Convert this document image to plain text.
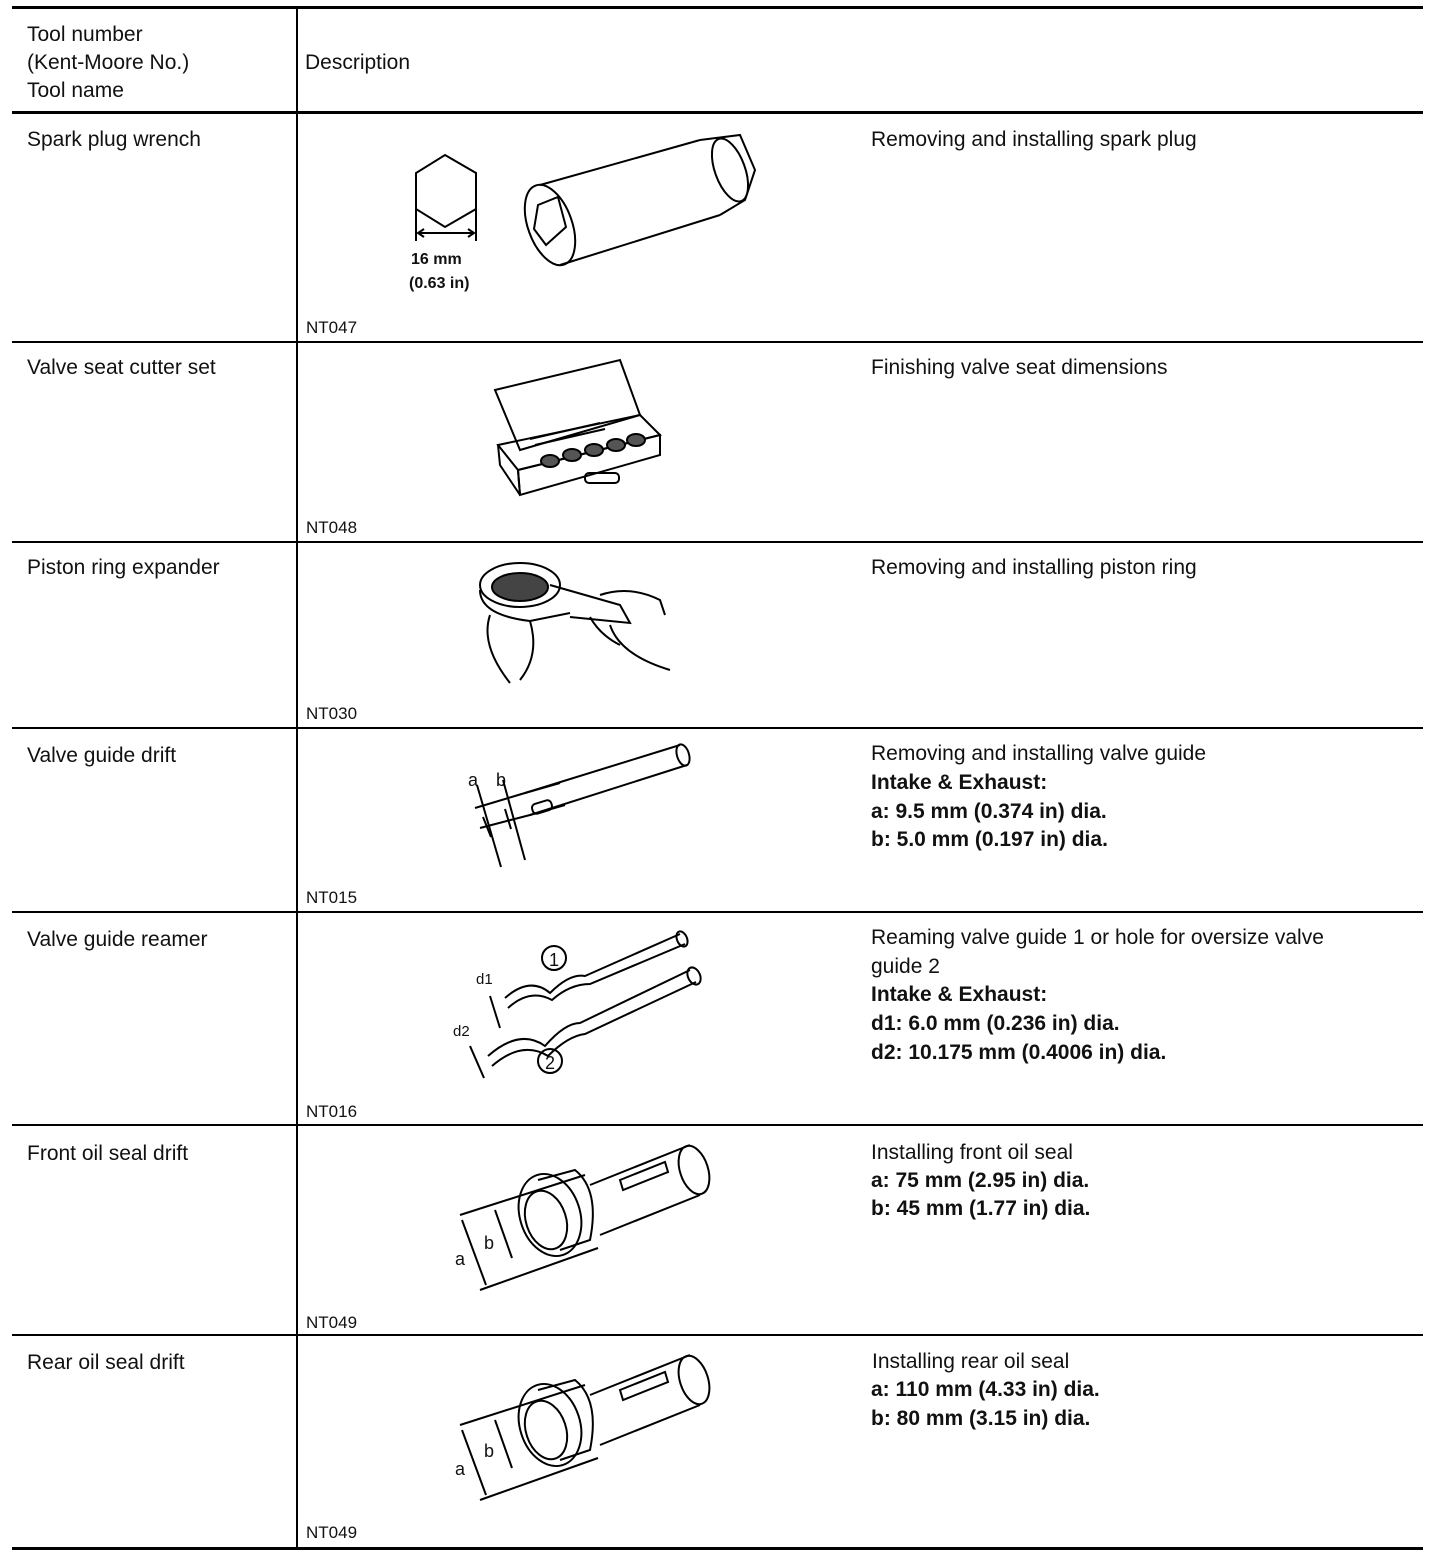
Tool number
(Kent-Moore No.)
Tool name
Description
Spark plug wrench
NT047
Removing and installing spark plug
16 mm
(0.63 in)
Valve seat cutter set
NT048
Finishing valve seat dimensions
Piston ring expander
NT030
Removing and installing piston ring
Valve guide drift
NT015
Removing and installing valve guide
Intake & Exhaust:
a: 9.5 mm (0.374 in) dia.
b: 5.0 mm (0.197 in) dia.
a b
Valve guide reamer
NT016
Reaming valve guide 1 or hole for oversize valve
guide 2
Intake & Exhaust:
d1: 6.0 mm (0.236 in) dia.
d2: 10.175 mm (0.4006 in) dia.
d1
d2
1
2
Front oil seal drift
NT049
Installing front oil seal
a: 75 mm (2.95 in) dia.
b: 45 mm (1.77 in) dia.
a
b
Rear oil seal drift
NT049
Installing rear oil seal
a: 110 mm (4.33 in) dia.
b: 80 mm (3.15 in) dia.
a
b
